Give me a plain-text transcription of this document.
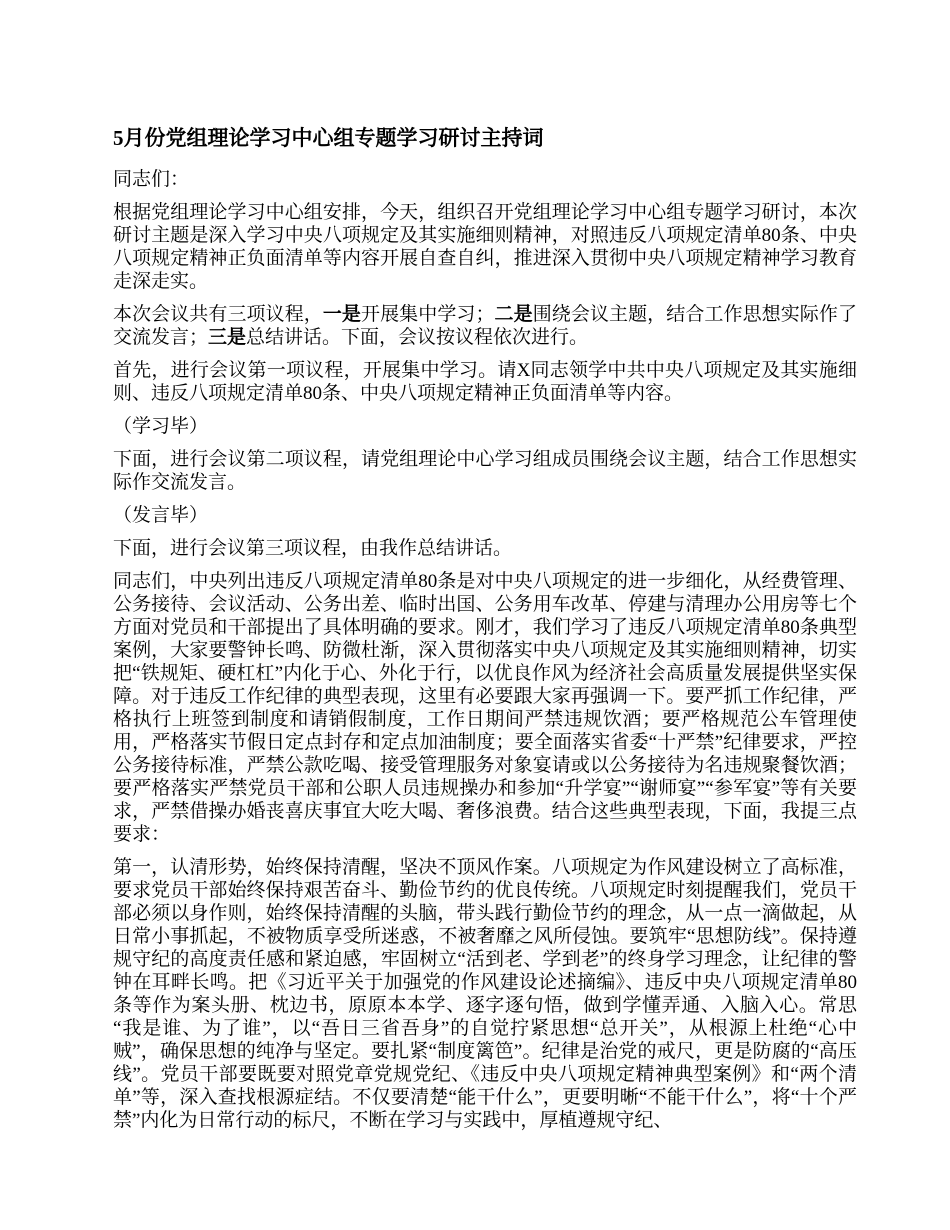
5月份党组理论学习中心组专题学习研讨主持词

同志们：

根据党组理论学习中心组安排，今天，组织召开党组理论学习中心组专题学习研讨，本次研讨主题是深入学习中央八项规定及其实施细则精神，对照违反八项规定清单80条、中央八项规定精神正负面清单等内容开展自查自纠，推进深入贯彻中央八项规定精神学习教育走深走实。

本次会议共有三项议程，一是开展集中学习；二是围绕会议主题，结合工作思想实际作了交流发言；三是总结讲话。下面，会议按议程依次进行。

首先，进行会议第一项议程，开展集中学习。请X同志领学中共中央八项规定及其实施细则、违反八项规定清单80条、中央八项规定精神正负面清单等内容。

（学习毕）

下面，进行会议第二项议程，请党组理论中心学习组成员围绕会议主题，结合工作思想实际作交流发言。

（发言毕）

下面，进行会议第三项议程，由我作总结讲话。

同志们，中央列出违反八项规定清单80条是对中央八项规定的进一步细化，从经费管理、公务接待、会议活动、公务出差、临时出国、公务用车改革、停建与清理办公用房等七个方面对党员和干部提出了具体明确的要求。刚才，我们学习了违反八项规定清单80条典型案例，大家要警钟长鸣、防微杜渐，深入贯彻落实中央八项规定及其实施细则精神，切实把“铁规矩、硬杠杠”内化于心、外化于行，以优良作风为经济社会高质量发展提供坚实保障。对于违反工作纪律的典型表现，这里有必要跟大家再强调一下。要严抓工作纪律，严格执行上班签到制度和请销假制度，工作日期间严禁违规饮酒；要严格规范公车管理使用，严格落实节假日定点封存和定点加油制度；要全面落实省委“十严禁”纪律要求，严控公务接待标准，严禁公款吃喝、接受管理服务对象宴请或以公务接待为名违规聚餐饮酒；要严格落实严禁党员干部和公职人员违规操办和参加“升学宴”“谢师宴”“参军宴”等有关要求，严禁借操办婚丧喜庆事宜大吃大喝、奢侈浪费。结合这些典型表现，下面，我提三点要求：

第一，认清形势，始终保持清醒，坚决不顶风作案。八项规定为作风建设树立了高标准，要求党员干部始终保持艰苦奋斗、勤俭节约的优良传统。八项规定时刻提醒我们，党员干部必须以身作则，始终保持清醒的头脑，带头践行勤俭节约的理念，从一点一滴做起，从日常小事抓起，不被物质享受所迷惑，不被奢靡之风所侵蚀。要筑牢“思想防线”。保持遵规守纪的高度责任感和紧迫感，牢固树立“活到老、学到老”的终身学习理念，让纪律的警钟在耳畔长鸣。把《习近平关于加强党的作风建设论述摘编》、违反中央八项规定清单80条等作为案头册、枕边书，原原本本学、逐字逐句悟，做到学懂弄通、入脑入心。常思“我是谁、为了谁”，以“吾日三省吾身”的自觉拧紧思想“总开关”，从根源上杜绝“心中贼”，确保思想的纯净与坚定。要扎紧“制度篱笆”。纪律是治党的戒尺，更是防腐的“高压线”。党员干部要既要对照党章党规党纪、《违反中央八项规定精神典型案例》和“两个清单”等，深入查找根源症结。不仅要清楚“能干什么”，更要明晰“不能干什么”，将“十个严禁”内化为日常行动的标尺，不断在学习与实践中，厚植遵规守纪、
